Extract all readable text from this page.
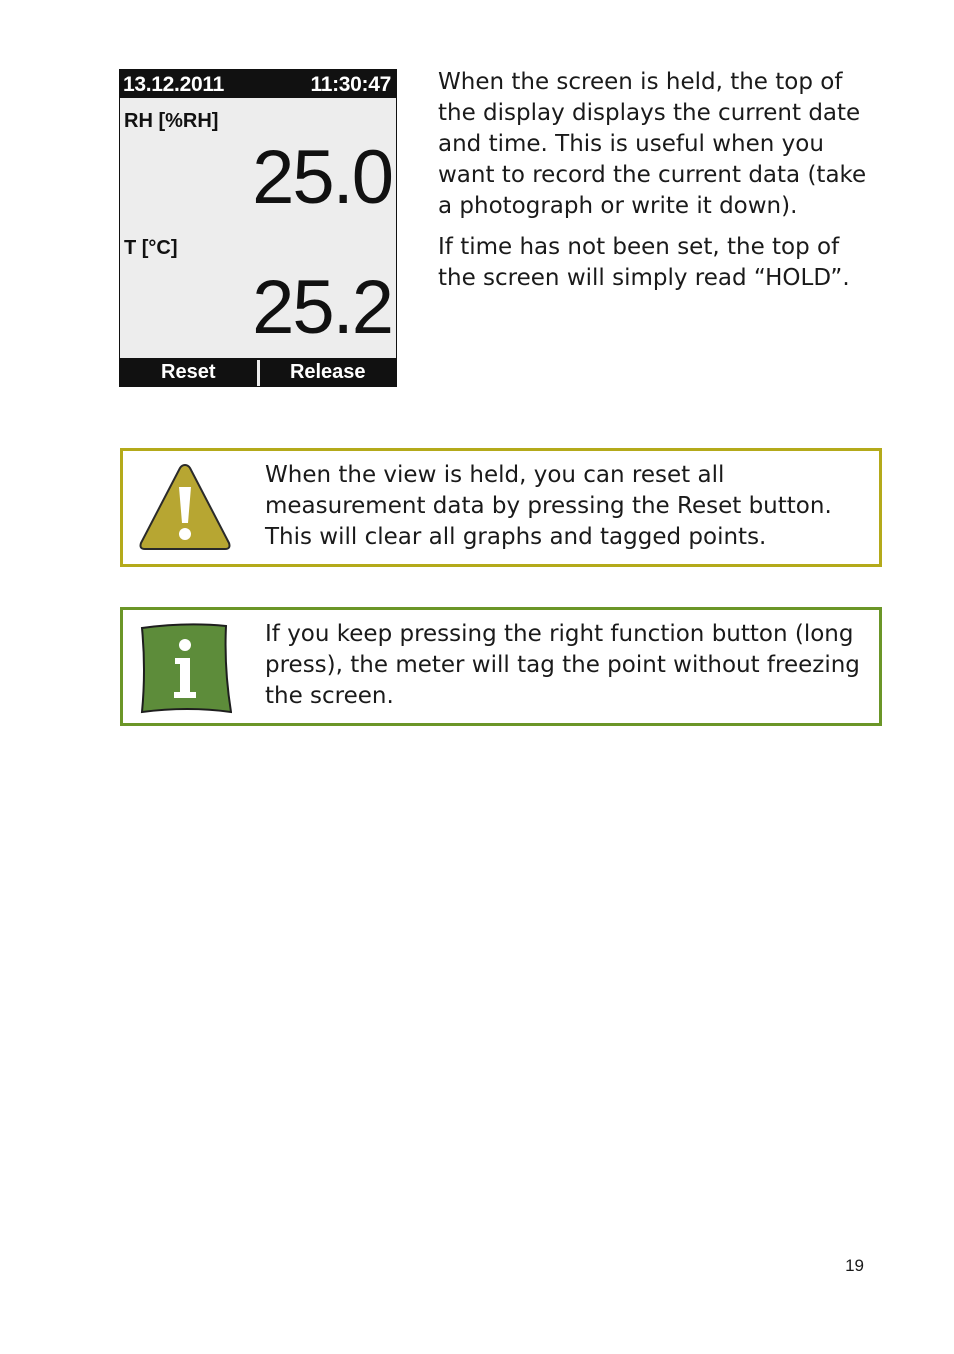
13.12.2011	11:30:47
RH [%RH]
25.0
T [°C]
25.2
Reset	Release

When the screen is held, the top of the display displays the current date and time. This is useful when you want to record the current data (take a photograph or write it down).

If time has not been set, the top of the screen will simply read “HOLD”.

When the view is held, you can reset all measurement data by pressing the Reset button. This will clear all graphs and tagged points.
If you keep pressing the right function button (long press), the meter will tag the point without freezing the screen.
19
